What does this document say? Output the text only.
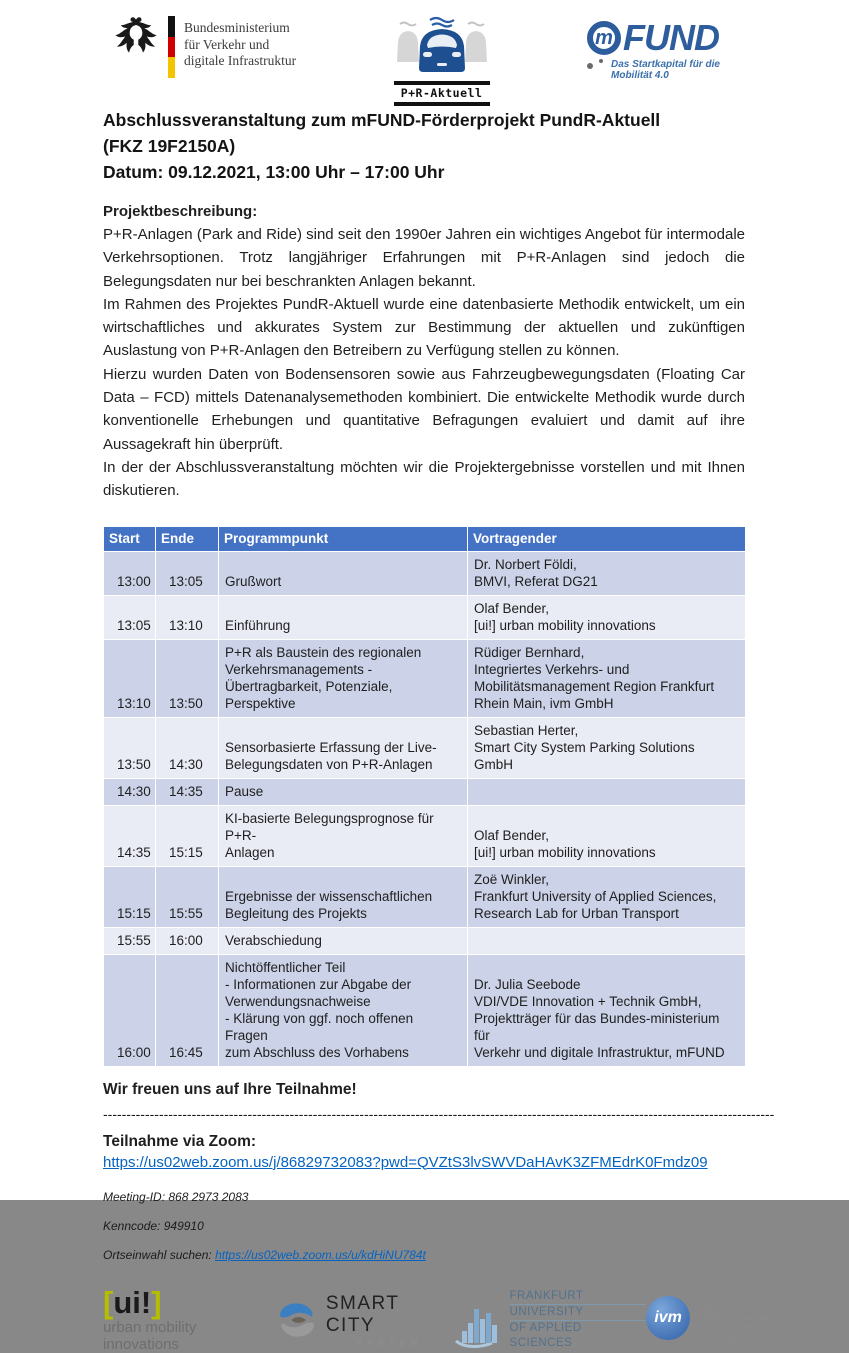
Bundesministerium
für Verkehr und
digitale Infrastruktur
P+R-Aktuell
m FUND
Das Startkapital für die Mobilität 4.0
Abschlussveranstaltung zum mFUND-Förderprojekt PundR-Aktuell
(FKZ 19F2150A)
Datum: 09.12.2021, 13:00 Uhr – 17:00 Uhr
Projektbeschreibung:

P+R-Anlagen (Park and Ride) sind seit den 1990er Jahren ein wichtiges Angebot für intermodale Verkehrsoptionen. Trotz langjähriger Erfahrungen mit P+R-Anlagen sind jedoch die Belegungsdaten nur bei beschrankten Anlagen bekannt.

Im Rahmen des Projektes PundR-Aktuell wurde eine datenbasierte Methodik entwickelt, um ein wirtschaftliches und akkurates System zur Bestimmung der aktuellen und zukünftigen Auslastung von P+R-Anlagen den Betreibern zu Verfügung stellen zu können.

Hierzu wurden Daten von Bodensensoren sowie aus Fahrzeugbewegungsdaten (Floating Car Data – FCD) mittels Datenanalysemethoden kombiniert. Die entwickelte Methodik wurde durch konventionelle Erhebungen und quantitative Befragungen evaluiert und damit auf ihre Aussagekraft hin überprüft.

In der der Abschlussveranstaltung möchten wir die Projektergebnisse vorstellen und mit Ihnen diskutieren.

Start	Ende	Programmpunkt	Vortragender
13:00	13:05	Grußwort	Dr. Norbert Földi,
BMVI, Referat DG21
13:05	13:10	Einführung	Olaf Bender,
[ui!] urban mobility innovations
13:10	13:50	P+R als Baustein des regionalen
Verkehrsmanagements -
Übertragbarkeit, Potenziale, Perspektive	Rüdiger Bernhard,
Integriertes Verkehrs- und
Mobilitätsmanagement Region Frankfurt
Rhein Main, ivm GmbH
13:50	14:30	Sensorbasierte Erfassung der Live-
Belegungsdaten von P+R-Anlagen	Sebastian Herter,
Smart City System Parking Solutions GmbH
14:30	14:35	Pause	
14:35	15:15	KI-basierte Belegungsprognose für P+R-
Anlagen	Olaf Bender,
[ui!] urban mobility innovations
15:15	15:55	Ergebnisse der wissenschaftlichen
Begleitung des Projekts	Zoë Winkler,
Frankfurt University of Applied Sciences,
Research Lab for Urban Transport
15:55	16:00	Verabschiedung	
16:00	16:45	Nichtöffentlicher Teil
- Informationen zur Abgabe der
Verwendungsnachweise
- Klärung von ggf. noch offenen Fragen
zum Abschluss des Vorhabens	Dr. Julia Seebode
VDI/VDE Innovation + Technik GmbH,
Projektträger für das Bundes-ministerium für
Verkehr und digitale Infrastruktur, mFUND
Wir freuen uns auf Ihre Teilnahme!
------------------------------------------------------------------------------------------------------------------------------------------------
Teilnahme via Zoom:
https://us02web.zoom.us/j/86829732083?pwd=QVZtS3lvSWVDaHAvK3ZFMEdrK0Fmdz09
Meeting-ID: 868 2973 2083
Kenncode: 949910
Ortseinwahl suchen: https://us02web.zoom.us/u/kdHiNU784t
[ui!]
urban mobility innovations
SMART CITY
SYSTEM
FRANKFURT
UNIVERSITY
OF APPLIED SCIENCES
ivm
Integriertes Verkehrs- und
Mobilitätsmanagement
Region Frankfurt RheinMain
